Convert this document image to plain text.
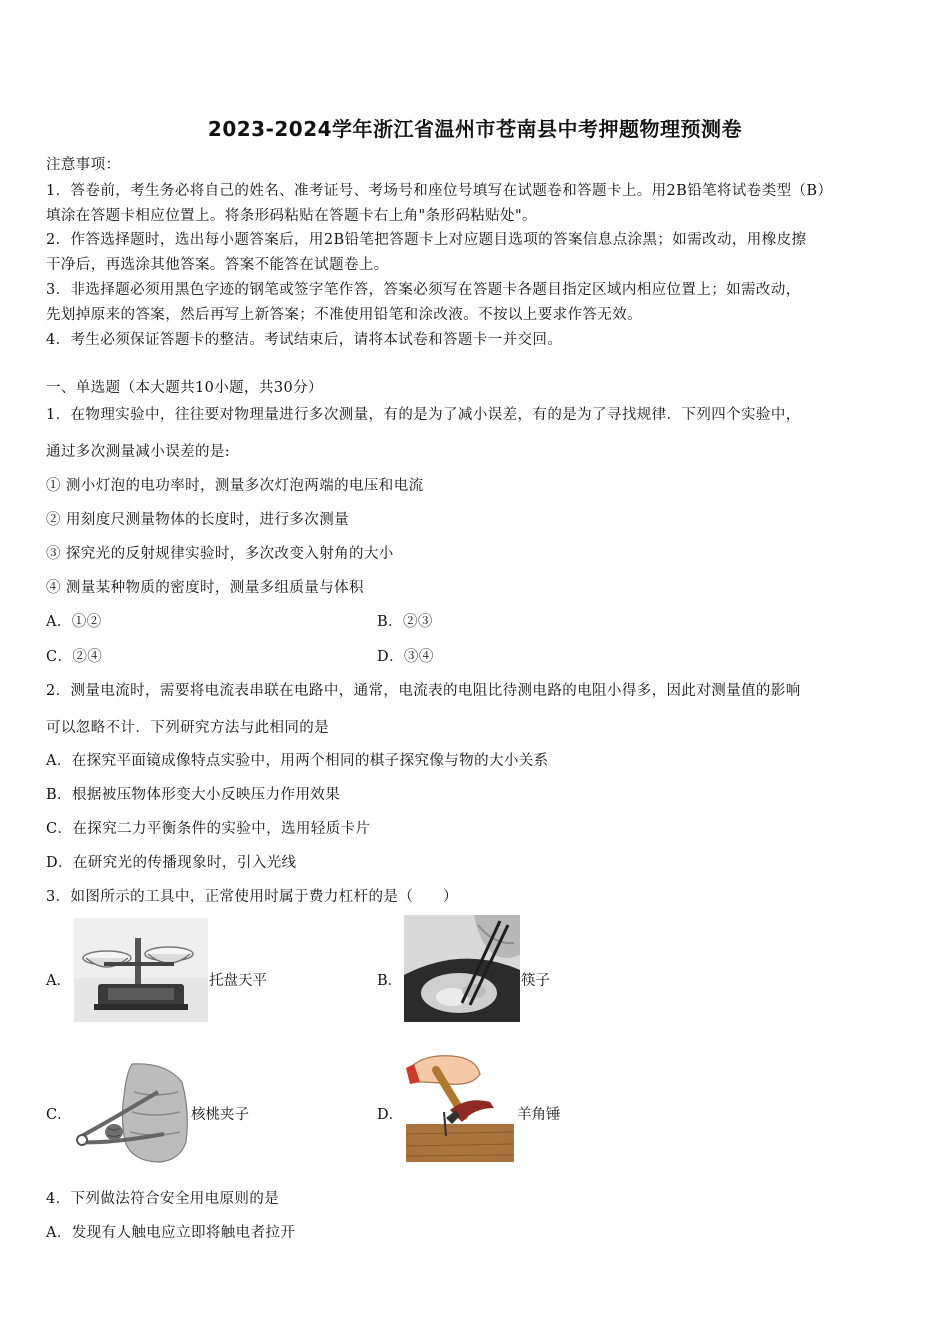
2023-2024学年浙江省温州市苍南县中考押题物理预测卷
注意事项：
1．答卷前，考生务必将自己的姓名、准考证号、考场号和座位号填写在试题卷和答题卡上。用2B铅笔将试卷类型（B）
填涂在答题卡相应位置上。将条形码粘贴在答题卡右上角"条形码粘贴处"。
2．作答选择题时，选出每小题答案后，用2B铅笔把答题卡上对应题目选项的答案信息点涂黑；如需改动，用橡皮擦
干净后，再选涂其他答案。答案不能答在试题卷上。
3．非选择题必须用黑色字迹的钢笔或签字笔作答，答案必须写在答题卡各题目指定区域内相应位置上；如需改动，
先划掉原来的答案，然后再写上新答案；不准使用铅笔和涂改液。不按以上要求作答无效。
4．考生必须保证答题卡的整洁。考试结束后，请将本试卷和答题卡一并交回。
一、单选题（本大题共10小题，共30分）
1．在物理实验中，往往要对物理量进行多次测量，有的是为了减小误差，有的是为了寻找规律．下列四个实验中，
通过多次测量减小误差的是:
① 测小灯泡的电功率时，测量多次灯泡两端的电压和电流
② 用刻度尺测量物体的长度时，进行多次测量
③ 探究光的反射规律实验时，多次改变入射角的大小
④ 测量某种物质的密度时，测量多组质量与体积
A．①②	B．②③
C．②④	D．③④
2．测量电流时，需要将电流表串联在电路中，通常，电流表的电阻比待测电路的电阻小得多，因此对测量值的影响
可以忽略不计．下列研究方法与此相同的是
A．在探究平面镜成像特点实验中，用两个相同的棋子探究像与物的大小关系
B．根据被压物体形变大小反映压力作用效果
C．在探究二力平衡条件的实验中，选用轻质卡片
D．在研究光的传播现象时，引入光线
3．如图所示的工具中，正常使用时属于费力杠杆的是（　　）
A．	托盘天平	B．	筷子
C．	核桃夹子	D．	羊角锤
4．下列做法符合安全用电原则的是
A．发现有人触电应立即将触电者拉开
